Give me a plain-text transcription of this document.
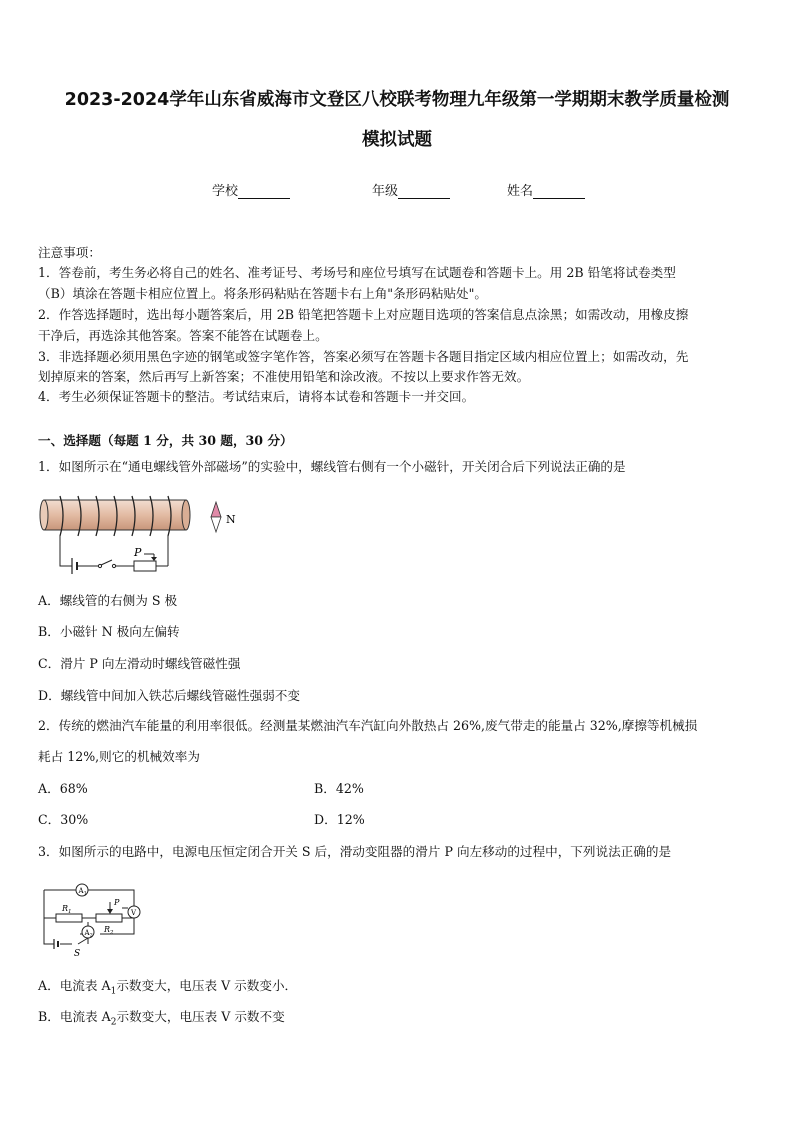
2023-2024学年山东省威海市文登区八校联考物理九年级第一学期期末教学质量检测
模拟试题
学校	年级	姓名
注意事项：
1．答卷前，考生务必将自己的姓名、准考证号、考场号和座位号填写在试题卷和答题卡上。用 2B 铅笔将试卷类型
（B）填涂在答题卡相应位置上。将条形码粘贴在答题卡右上角"条形码粘贴处"。
2．作答选择题时，选出每小题答案后，用 2B 铅笔把答题卡上对应题目选项的答案信息点涂黑；如需改动，用橡皮擦
干净后，再选涂其他答案。答案不能答在试题卷上。
3．非选择题必须用黑色字迹的钢笔或签字笔作答，答案必须写在答题卡各题目指定区域内相应位置上；如需改动，先
划掉原来的答案，然后再写上新答案；不准使用铅笔和涂改液。不按以上要求作答无效。
4．考生必须保证答题卡的整洁。考试结束后，请将本试卷和答题卡一并交回。
一、选择题（每题 1 分，共 30 题，30 分）
1．如图所示在“通电螺线管外部磁场”的实验中，螺线管右侧有一个小磁针，开关闭合后下列说法正确的是
P
N
A．螺线管的右侧为 S 极
B．小磁针 N 极向左偏转
C．滑片 P 向左滑动时螺线管磁性强
D．螺线管中间加入铁芯后螺线管磁性强弱不变
2．传统的燃油汽车能量的利用率很低。经测量某燃油汽车汽缸向外散热占 26%,废气带走的能量占 32%,摩擦等机械损
耗占 12%,则它的机械效率为
A．68%	B．42%
C．30%	D．12%
3．如图所示的电路中，电源电压恒定闭合开关 S 后，滑动变阻器的滑片 P 向左移动的过程中，下列说法正确的是
$A_1$
$A_2$
V
$R_1$
$R_2$
P
S
A．电流表 $A_1$示数变大，电压表 V 示数变小．
B．电流表 $A_2$示数变大，电压表 V 示数不变
